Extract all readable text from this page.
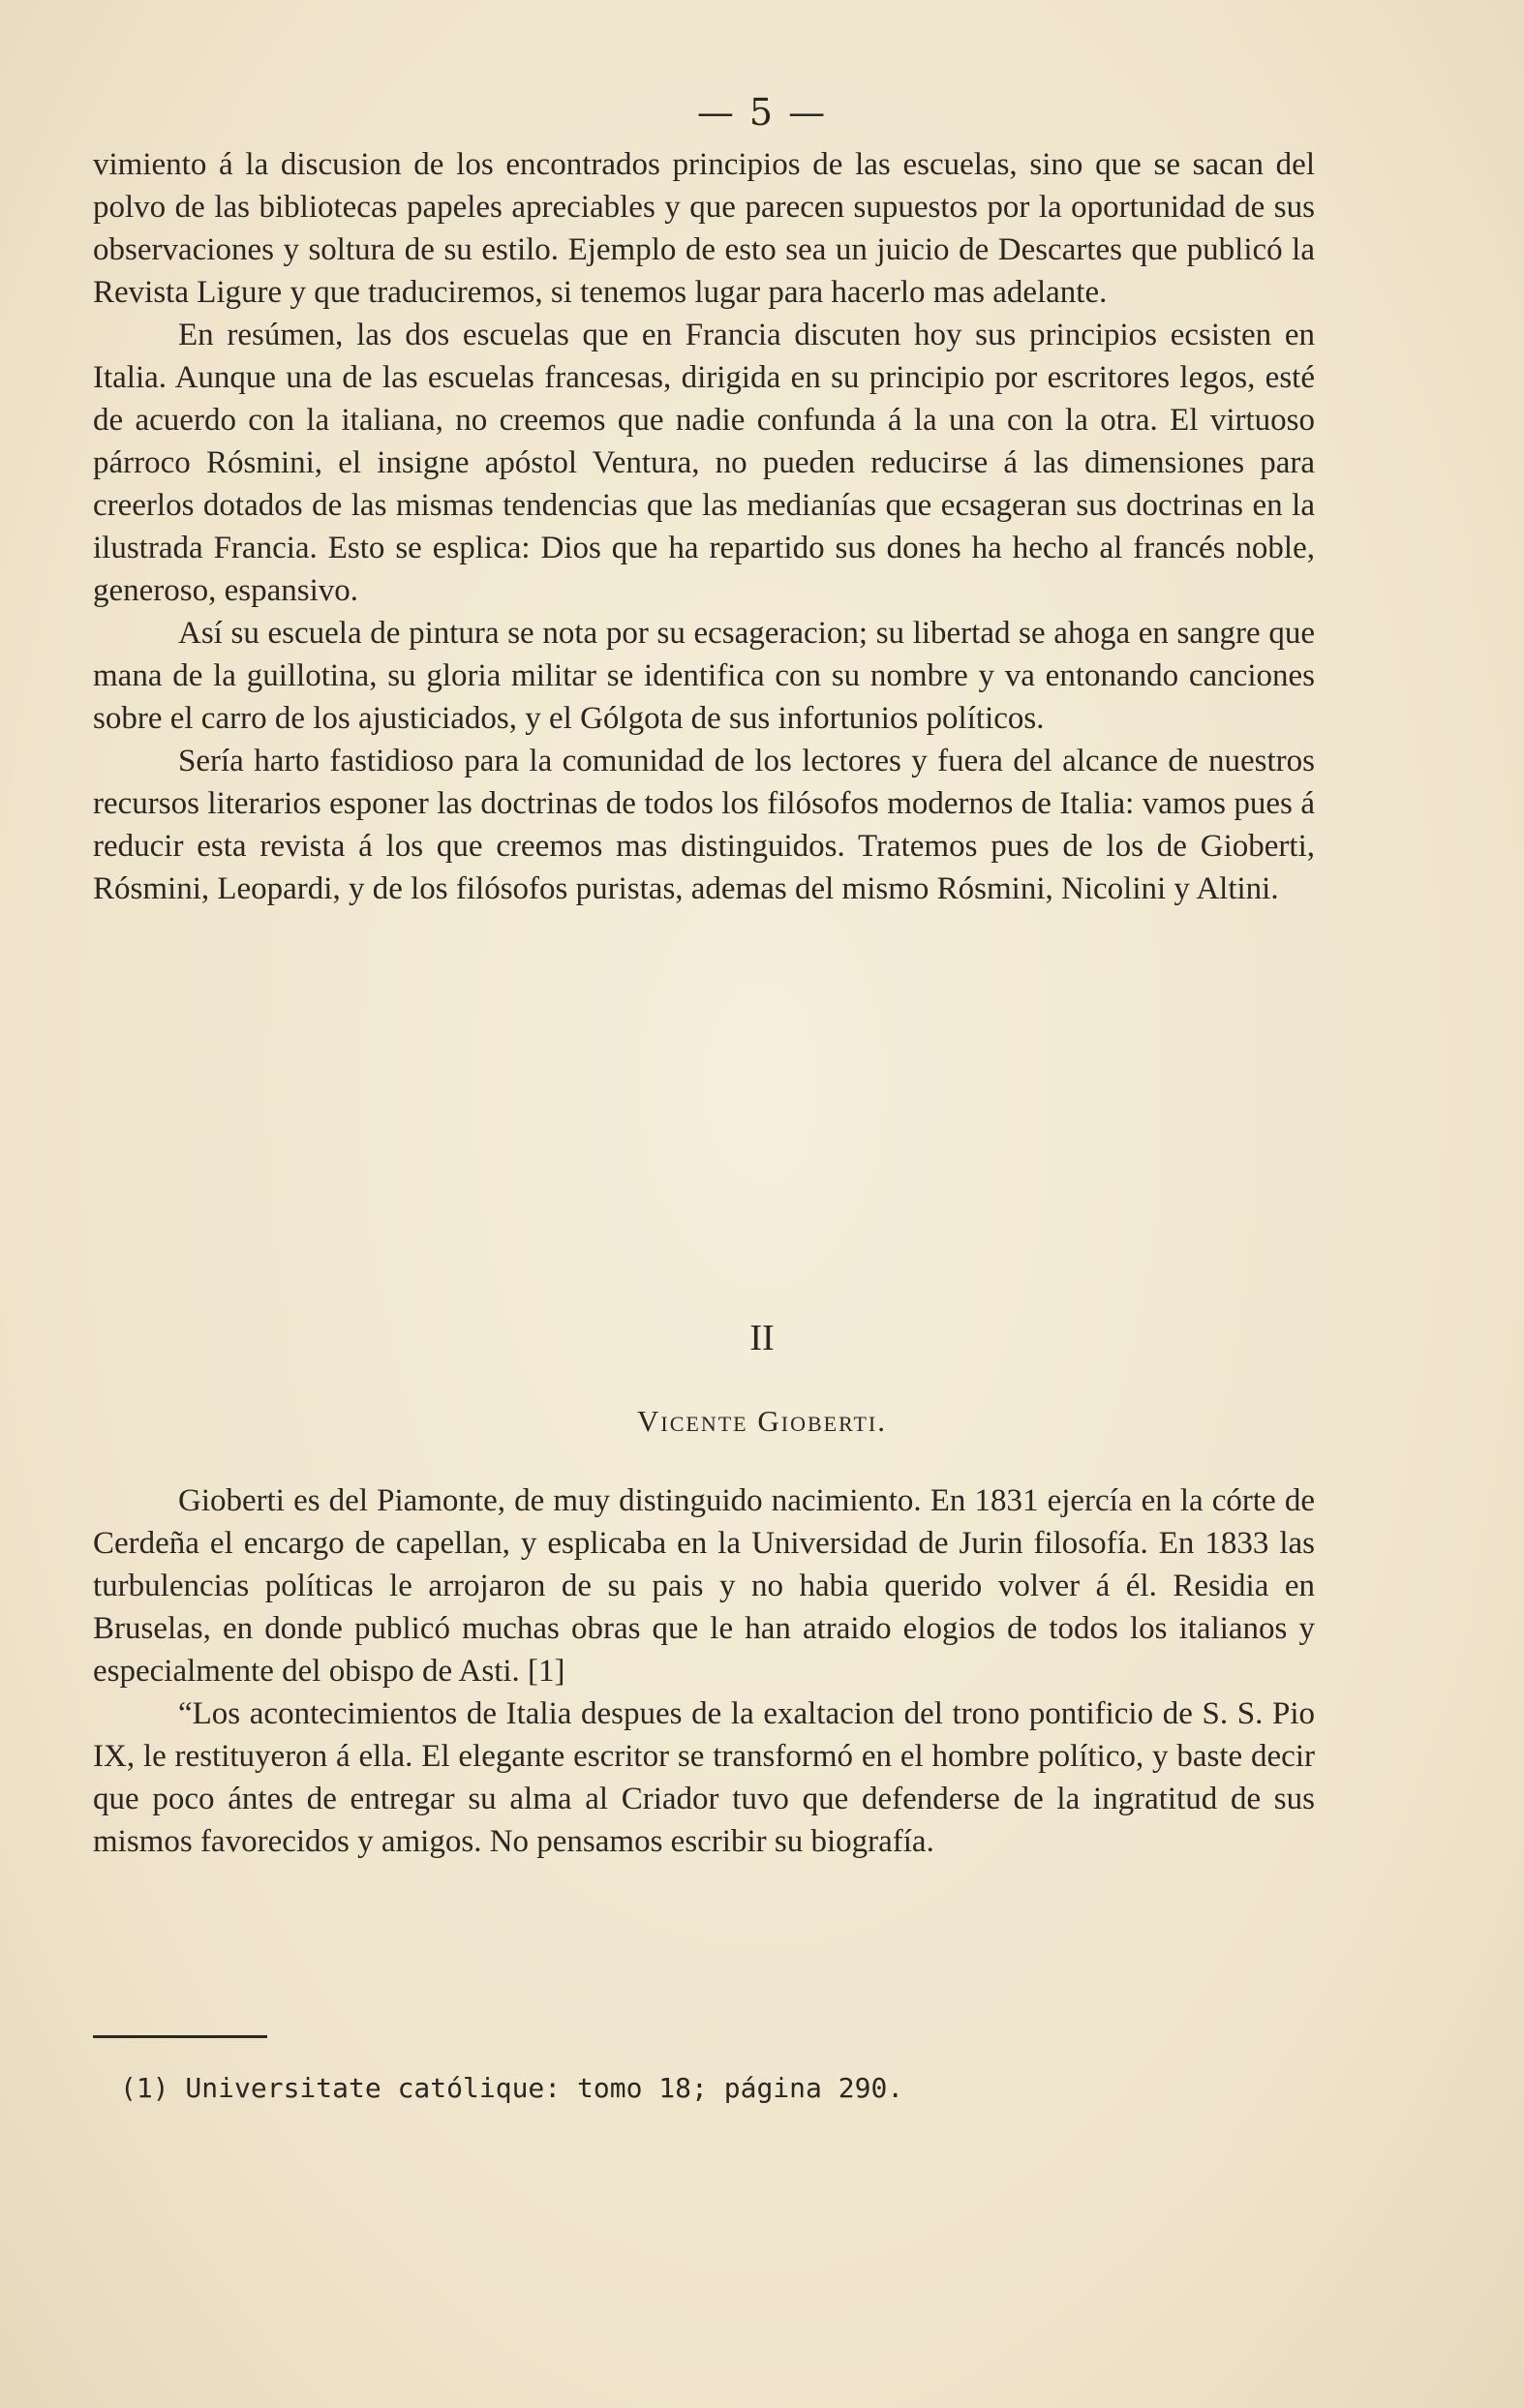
— 5 —

vimiento á la discusion de los encontrados principios de las escuelas, sino que se sacan del polvo de las bibliotecas papeles apreciables y que parecen supuestos por la oportunidad de sus observaciones y soltura de su estilo. Ejemplo de esto sea un juicio de Descartes que publicó la Revista Ligure y que traduciremos, si tenemos lugar para hacerlo mas adelante.

En resúmen, las dos escuelas que en Francia discuten hoy sus principios ecsisten en Italia. Aunque una de las escuelas francesas, dirigida en su principio por escritores legos, esté de acuerdo con la italiana, no creemos que nadie confunda á la una con la otra. El virtuoso párroco Rósmini, el insigne apóstol Ventura, no pueden reducirse á las dimensiones para creerlos dotados de las mismas tendencias que las medianías que ecsageran sus doctrinas en la ilustrada Francia. Esto se esplica: Dios que ha repartido sus dones ha hecho al francés noble, generoso, espansivo.

Así su escuela de pintura se nota por su ecsageracion; su libertad se ahoga en sangre que mana de la guillotina, su gloria militar se identifica con su nombre y va entonando canciones sobre el carro de los ajusticiados, y el Gólgota de sus infortunios políticos.

Sería harto fastidioso para la comunidad de los lectores y fuera del alcance de nuestros recursos literarios esponer las doctrinas de todos los filósofos modernos de Italia: vamos pues á reducir esta revista á los que creemos mas distinguidos. Tratemos pues de los de Gioberti, Rósmini, Leopardi, y de los filósofos puristas, ademas del mismo Rósmini, Nicolini y Altini.

II
Vicente Gioberti.

Gioberti es del Piamonte, de muy distinguido nacimiento. En 1831 ejercía en la córte de Cerdeña el encargo de capellan, y esplicaba en la Universidad de Jurin filosofía. En 1833 las turbulencias políticas le arrojaron de su pais y no habia querido volver á él. Residia en Bruselas, en donde publicó muchas obras que le han atraido elogios de todos los italianos y especialmente del obispo de Asti. [1]

“Los acontecimientos de Italia despues de la exaltacion del trono pontificio de S. S. Pio IX, le restituyeron á ella. El elegante escritor se transformó en el hombre político, y baste decir que poco ántes de entregar su alma al Criador tuvo que defenderse de la ingratitud de sus mismos favorecidos y amigos. No pensamos escribir su biografía.

(1) Universitate católique: tomo 18; página 290.
